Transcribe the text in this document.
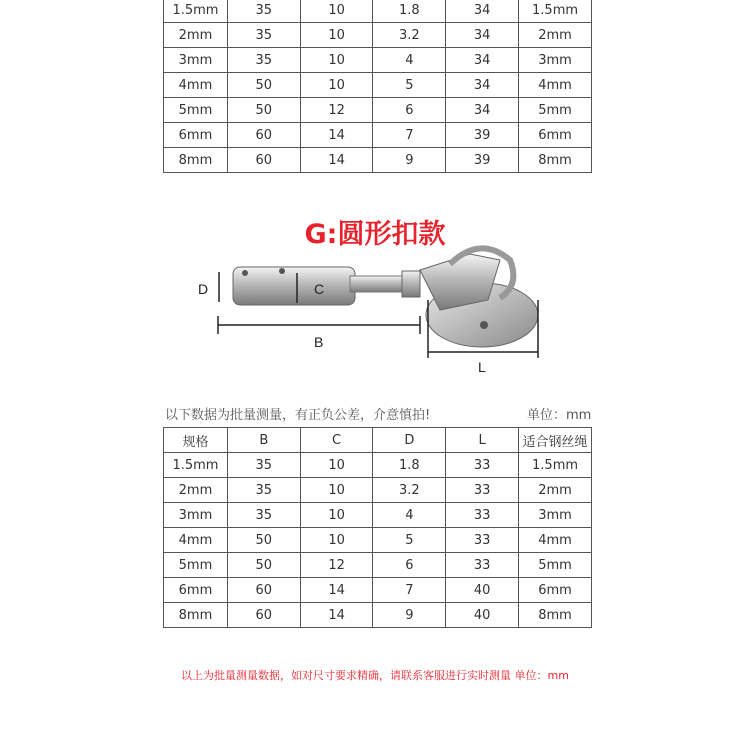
1.5mm	35	10	1.8	34	1.5mm
2mm	35	10	3.2	34	2mm
3mm	35	10	4	34	3mm
4mm	50	10	5	34	4mm
5mm	50	12	6	34	5mm
6mm	60	14	7	39	6mm
8mm	60	14	9	39	8mm
G:圆形扣款
D	C
B
L
以下数据为批量测量，有正负公差，介意慎拍!	单位：mm
规格	B	C	D	L	适合钢丝绳
1.5mm	35	10	1.8	33	1.5mm
2mm	35	10	3.2	33	2mm
3mm	35	10	4	33	3mm
4mm	50	10	5	33	4mm
5mm	50	12	6	33	5mm
6mm	60	14	7	40	6mm
8mm	60	14	9	40	8mm
以上为批量测量数据，如对尺寸要求精确，请联系客服进行实时测量 单位：mm
